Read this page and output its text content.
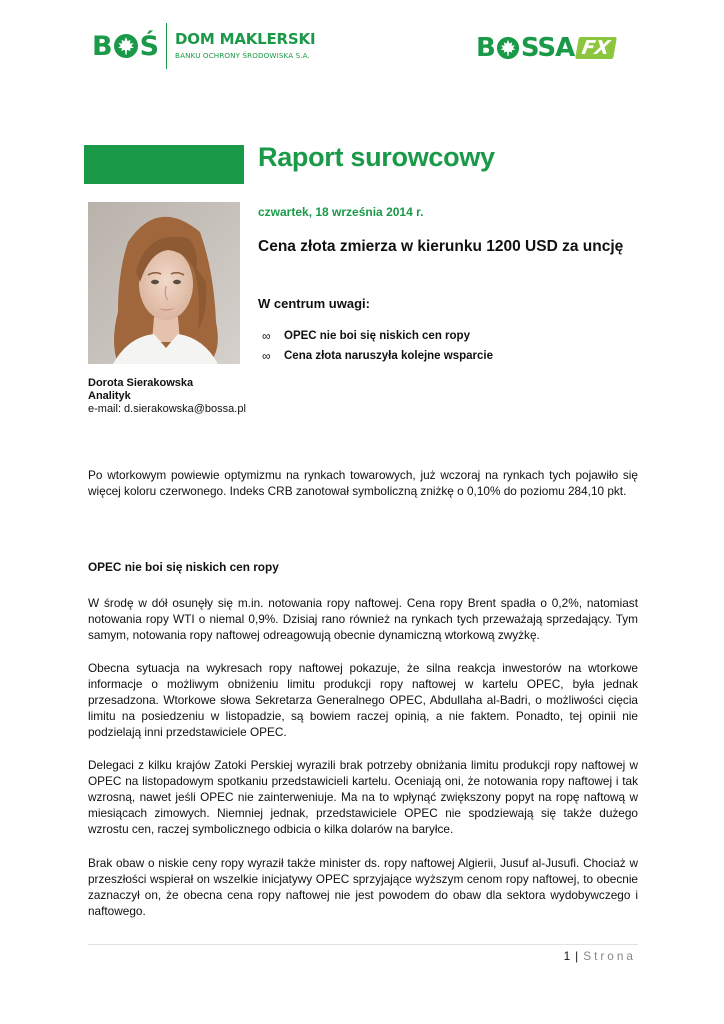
B Ś DOM MAKLERSKI
BANKU OCHRONY ŚRODOWISKA S.A.	B SSA FX
Raport surowcowy
Dorota Sierakowska
Analityk
e-mail: d.sierakowska@bossa.pl
czwartek, 18 września 2014 r.
Cena złota zmierza w kierunku 1200 USD za uncję
W centrum uwagi:
∞	OPEC nie boi się niskich cen ropy
∞	Cena złota naruszyła kolejne wsparcie
Po wtorkowym powiewie optymizmu na rynkach towarowych, już wczoraj na rynkach tych pojawiło się więcej koloru czerwonego. Indeks CRB zanotował symboliczną zniżkę o 0,10% do poziomu 284,10 pkt.
OPEC nie boi się niskich cen ropy
W środę w dół osunęły się m.in. notowania ropy naftowej. Cena ropy Brent spadła o 0,2%, natomiast notowania ropy WTI o niemal 0,9%. Dzisiaj rano również na rynkach tych przeważają sprzedający. Tym samym, notowania ropy naftowej odreagowują obecnie dynamiczną wtorkową zwyżkę.
Obecna sytuacja na wykresach ropy naftowej pokazuje, że silna reakcja inwestorów na wtorkowe informacje o możliwym obniżeniu limitu produkcji ropy naftowej w kartelu OPEC, była jednak przesadzona. Wtorkowe słowa Sekretarza Generalnego OPEC, Abdullaha al-Badri, o możliwości cięcia limitu na posiedzeniu w listopadzie, są bowiem raczej opinią, a nie faktem. Ponadto, tej opinii nie podzielają inni przedstawiciele OPEC.
Delegaci z kilku krajów Zatoki Perskiej wyrazili brak potrzeby obniżania limitu produkcji ropy naftowej w OPEC na listopadowym spotkaniu przedstawicieli kartelu. Oceniają oni, że notowania ropy naftowej i tak wzrosną, nawet jeśli OPEC nie zainterweniuje. Ma na to wpłynąć zwiększony popyt na ropę naftową w miesiącach zimowych. Niemniej jednak, przedstawiciele OPEC nie spodziewają się także dużego wzrostu cen, raczej symbolicznego odbicia o kilka dolarów na baryłce.
Brak obaw o niskie ceny ropy wyraził także minister ds. ropy naftowej Algierii, Jusuf al-Jusufi. Chociaż w przeszłości wspierał on wszelkie inicjatywy OPEC sprzyjające wyższym cenom ropy naftowej, to obecnie zaznaczył on, że obecna cena ropy naftowej nie jest powodem do obaw dla sektora wydobywczego i naftowego.
1 | Strona
